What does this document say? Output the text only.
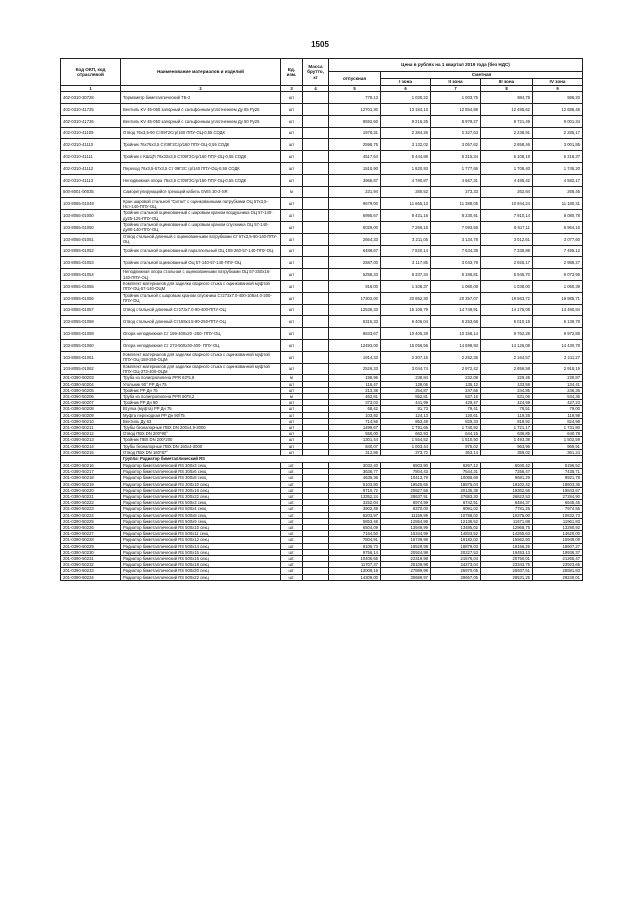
1505
Код ОКП, код отраслевой	Наименование материалов и изделий	Ед. изм.	Масса брутто, кг	Цена в рублях на 1 квартал 2019 года (без НДС)				
				отпускная	Сметная			
					I зона	II зона	III зона	IV зона
1	2	3	4	5	6	7	8	9
402-0310-30728	Термометр биметаллический ТБ-2	шт		778,13	1 030,22	1 003,75	984,75	986,20
402-0310-41725	Вентиль KV 45-065 запорный с сальфонным уплотнением Ду 65 Ру25	шт		12701,30	13 184,13	12 854,88	12 485,62	12 686,48
402-0310-41726	Вентиль KV 45-050 запорный с сальфонным уплотнением Ду 50 Ру25	шт		8592,60	9 216,25	8 979,27	8 721,49	9 001,34
402-0310-41109	Отвод 76х3,5-90 Ст09Г2Сгр/160 ППУ-ОЦ-0,55 СОДК	шт		1978,31	2 384,26	2 327,63	2 238,91	2 285,17
402-0310-41110	Тройник 76х76х3,5 Ст09Г2Сгр/160 ППУ-ОЦ-0,55 СОДК	шт		2598,75	3 132,02	3 057,62	2 858,46	3 001,85
402-0310-41111	Тройник с КШЦП 76х32х3,5 Ст09Г2Сгр/160 ППУ-ОЦ-0,55 СОДК	шт		4517,64	5 444,86	5 315,34	5 108,19	5 218,37
402-0310-41112	Переход 76х3,5-57х3,5 Ст 09Г2С гр/140 ППУ-ОЦ-0,55 СОДК	шт		1510,90	1 820,93	1 777,66	1 708,40	1 745,20
402-0310-41113	Неподвижная опора 76х3,5 Ст09Г2Сгр/160 ППУ-ОЦ-0,55 СОДК	шт		3966,87	4 780,87	4 667,31	4 485,42	4 582,17
500-8001-00035	Саморегулирующийся греющий кабель GWS 30-2-SR	м		231,94	280,52	273,33	262,84	268,45
103-8055-01049	Кран шаровой стальной "Ситал" с оцинкованными патрубками ОЦ 57х3,5-Нст-140-ППУ-ОЦ	шт		9679,00	11 665,13	11 388,05	10 944,24	11 180,31
103-8055-01050	Тройник стальной оцинкованный с шаровым краном воздушника ОЦ 57-140-ду25-125-ППУ-ОЦ	шт		6995,67	8 431,16	8 230,91	7 910,14	8 080,78
103-8055-01050	Тройник стальной оцинкованный с шаровым краном спускника ОЦ 57-140-ду80-140-ППУ-ОЦ	шт		6029,00	7 266,15	7 093,56	6 817,11	6 964,16
103-8055-01051	Отвод стальной длинный с оцинкованными патрубками Ст 57х3,5-90-140-ППУ-ОЦ	шт		2664,33	3 211,05	3 134,78	3 012,61	3 077,60
103-8055-01052	Тройник стальной оцинкованный параллельный ОЦ 108-260-57-140-ППУ-ОЦ	шт		6488,67	7 820,14	7 634,39	7 336,88	7 495,12
103-8055-01053	Тройник стальной оцинкованный ОЦ 57-140-57-140-ППУ-ОЦ	шт		2587,00	3 117,85	3 043,79	2 925,17	2 988,27
103-8055-01054	Неподвижная опора стальная с оцинкованными патрубками ОЦ 57-250х16-140-ППУ-ОЦ	шт		5258,33	6 337,34	6 186,81	5 945,70	6 073,95
103-8055-01055	Комплект материалов для заделки сварного стыка с оцинкованной муфтой ППУ-ОЦ-57-140-ОЦМ	шт		916,00	1 106,37	1 080,08	1 038,00	1 060,39
103-8055-01056	Тройник стальной с шаровым краном спускника Ст273х7.0-400-108х4.0-200-ППУ-ОЦ	шт		17302,00	20 852,30	20 357,07	19 563,72	19 985,71
103-8055-01057	Отвод стальной длинный Ст273х7.0-90-400-ППУ-ОЦ	шт		12536,33	15 108,79	14 749,91	14 175,08	14 480,84
103-8055-01058	Отвод стальной длинный Ст159х4.5-90-250-ППУ-ОЦ	шт		5315,33	6 406,04	6 253,68	6 010,15	6 139,78
103-8055-01059	Опора неподвижная Ст 159-400х20 -250- ППУ-ОЦ	шт		8633,67	10 405,29	10 158,14	9 762,28	9 972,85
103-8055-01060	Опора неподвижная Ст 273-500х30-400- ППУ-ОЦ	шт		12493,00	15 056,56	14 698,93	14 126,08	14 430,78
103-8055-01061	Комплект материалов для заделки сварного стыка с оцинкованной муфтой ППУ-ОЦ-159-250-ОЦМ	шт		1914,33	2 307,15	2 252,35	2 164,57	2 211,27
103-8055-01062	Комплект материалов для заделки сварного стыка с оцинкованной муфтой ППУ-ОЦ-273-400-ОЦМ	шт		2526,33	3 044,74	2 972,42	2 856,58	2 918,19
201-0390-50203	Труба из полипропилена PPR 63*5,8	м		198,96	238,84	232,08	229,45	230,87
201-0390-50204	Угольник 90° PP Дн 75	шт		116,47	139,06	135,12	133,58	134,41
201-0390-50205	Тройник PP Дн 75	шт		213,38	254,87	247,66	244,85	246,36
201-0390-50206	Труба из полипропилена PPR 90*8,2	м		462,81	552,81	537,16	531,06	534,35
201-0390-50207	Тройник PP Дн 90	шт		373,03	441,99	429,47	424,59	427,23
201-0390-50208	Втулка (муфта) PP Дн 75	шт		68,42	81,73	79,41	78,51	79,00
201-0390-50209	Муфта переходная PP Дн 90/75	шт		103,92	124,13	120,61	119,25	119,98
201-0390-50210	Вентиль Ду 63	шт		714,56	853,49	829,33	819,92	824,98
201-0390-50211	Трубы безнапорные ПВХ DN 200х4,9-3000	шт		1499,67	1 791,65	1 740,92	1 721,17	1 731,80
201-0390-50212	Отвод ПВХ DN 200*90°	шт		555,00	662,93	644,15	636,85	640,78
201-0390-50213	Тройник ПВХ DN 200*200	шт		1301,44	1 554,52	1 510,50	1 493,38	1 502,59
201-0390-50214	Трубы безнапорные ПВХ DN 160х4-3000	шт		840,07	1 003,44	975,02	963,96	969,91
201-0390-50215	Отвод ПВХ DN 160*87°	шт		312,86	373,72	363,14	359,02	361,24
	Группа: Радиатор биметаллический RS							
201-0390-50216	Радиатор биметаллический RS 300х3 секц	шт.		3032,40	6503,90	6267,12	6040,42	6196,52
201-0390-50217	Радиатор биметаллический RS 300х6 секц	шт.		3636,77	7804,43	7544,31	7256,47	7435,71
201-0390-50218	Радиатор биметаллический RS 300х8 секц	шт.		4635,36	10413,79	10068,69	9681,29	9921,78
201-0390-50219	Радиатор биметаллический RS 300х10 секц	шт.		6103,80	19525,65	18875,04	18102,42	18603,35
201-0390-50220	Радиатор биметаллический RS 300х16 секц	шт.		9710,72	20827,58	20135,38	19362,58	19843,57
201-0390-50221	Радиатор биметаллический RS 300х22 секц	шт.		13352,24	28637,91	27683,30	26623,53	27284,90
201-0390-50222	Радиатор биметаллический RS 500х3 секц	шт.		3252,04	6974,99	6742,51	6484,37	6645,45
201-0390-50223	Радиатор биметаллический RS 500х4 секц	шт.		3902,49	8370,00	8091,02	7781,25	7974,55
201-0390-50224	Радиатор биметаллический RS 500х8 секц	шт.		5203,97	11159,99	10788,02	10375,00	10632,73
201-0390-50225	Радиатор биметаллический RS 500х9 секц	шт.		5853,48	12554,99	12136,52	11671,88	11961,83
201-0390-50226	Радиатор биметаллический RS 500х10 секц	шт.		6504,09	13949,99	13485,02	12968,75	13290,92
201-0390-50227	Радиатор биметаллический RS 500х11 секц	шт.		7154,50	15344,99	14833,52	14265,63	14620,00
201-0390-50228	Радиатор биметаллический RS 500х12 секц	шт.		7804,91	16739,98	16182,02	15562,50	15949,09
201-0390-50229	Радиатор биметаллический RS 500х14 секц	шт.		9105,73	19529,98	18879,03	18156,25	18607,27
201-0390-50230	Радиатор биметаллический RS 500х15 секц	шт.		9756,14	20924,98	20227,53	19453,13	19936,37
201-0390-50231	Радиатор биметаллический RS 500х16 секц	шт.		10406,55	22319,98	21576,04	20750,01	21265,47
201-0390-50232	Радиатор биметаллический RS 500х18 секц	шт.		11707,37	25109,98	24273,04	23343,75	23923,65
201-0390-50233	Радиатор биметаллический RS 500х20 секц	шт.		13008,19	27899,98	26970,05	25937,51	26581,83
201-0390-50234	Радиатор биметаллический RS 500х22 секц	шт.		14309,00	30689,97	29667,05	28531,25	29240,01
